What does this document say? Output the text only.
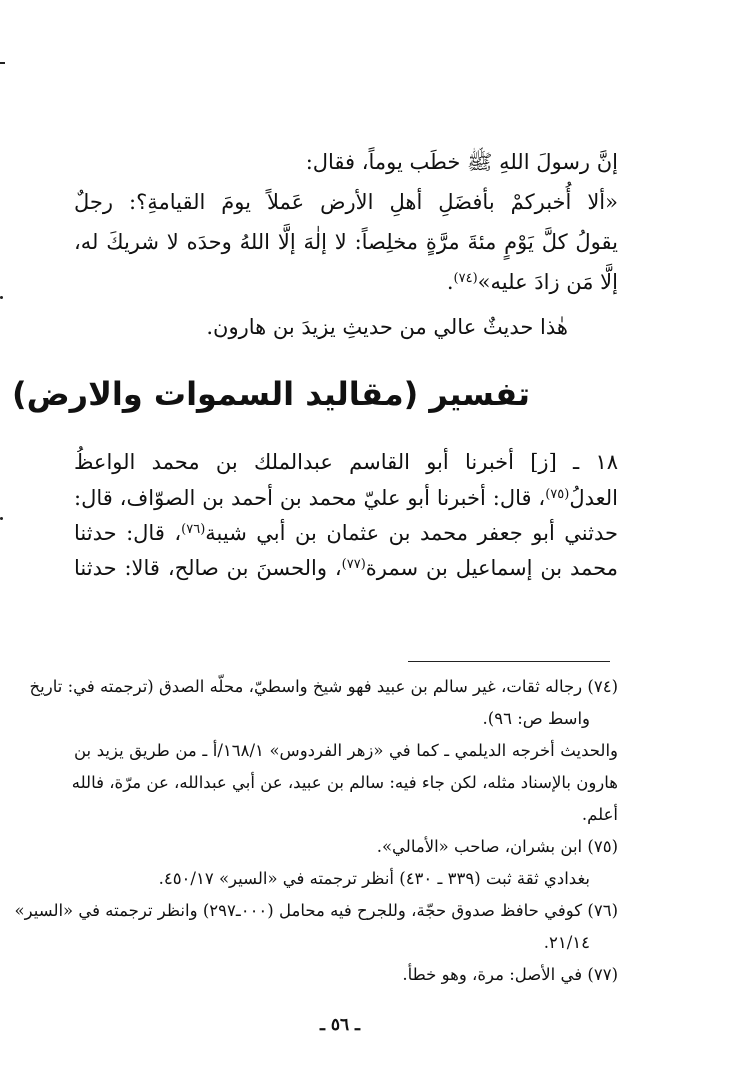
إنَّ رسولَ اللهِ ﷺ خطَب يوماً، فقال:
«ألا أُخبركمْ بأفضَلِ أهلِ الأرض عَملاً يومَ القيامةِ؟: رجلٌ
يقولُ كلَّ يَوْمٍ مئةَ مرَّةٍ مخلِصاً: لا إلٰهَ إلَّا اللهُ وحدَه لا شريكَ له،
إلَّا مَن زادَ عليه»$^{(٧٤)}$.
هٰذا حديثٌ عالي من حديثِ يزيدَ بن هارون.
تفسير (مقاليد السموات والارض)
١٨ ـ [ز] أخبرنا أبو القاسم عبدالملك بن محمد الواعظُ
العدلُ$^{(٧٥)}$، قال: أخبرنا أبو عليّ محمد بن أحمد بن الصوّاف، قال:
حدثني أبو جعفر محمد بن عثمان بن أبي شيبة$^{(٧٦)}$، قال: حدثنا
محمد بن إسماعيل بن سمرة$^{(٧٧)}$، والحسنَ بن صالح، قالا: حدثنا
(٧٤) رجاله ثقات، غير سالم بن عبيد فهو شيخ واسطيّ، محلّه الصدق (ترجمته في: تاريخ
واسط ص: ٩٦).
والحديث أخرجه الديلمي ـ كما في «زهر الفردوس» ١٦٨/١/أ ـ من طريق يزيد بن
هارون بالإسناد مثله، لكن جاء فيه: سالم بن عبيد، عن أبي عبدالله، عن مرّة، فالله
أعلم.
(٧٥) ابن بشران، صاحب «الأمالي».
بغدادي ثقة ثبت (٣٣٩ ـ ٤٣٠) أنظر ترجمته في «السير» ٤٥٠/١٧.
(٧٦) كوفي حافظ صدوق حجّة، وللجرح فيه محامل (٠٠٠ـ٢٩٧) وانظر ترجمته في «السير»
٢١/١٤.
(٧٧) في الأصل: مرة، وهو خطأ.
ـ ٥٦ ـ
